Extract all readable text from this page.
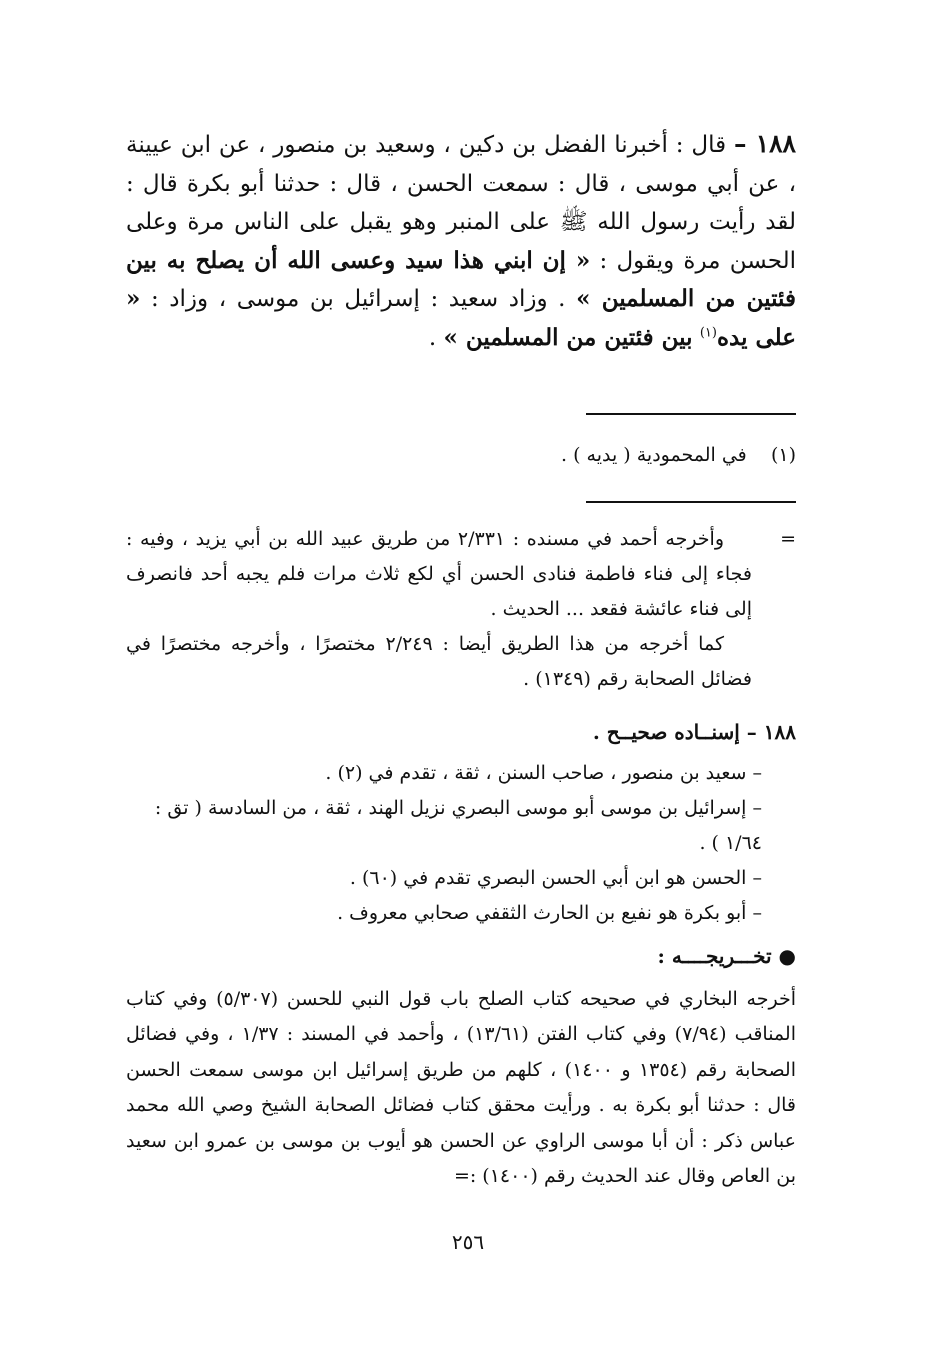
١٨٨ – قال : أخبرنا الفضل بن دكين ، وسعيد بن منصور ، عن ابن عيينة ، عن أبي موسى ، قال : سمعت الحسن ، قال : حدثنا أبو بكرة قال : لقد رأيت رسول الله ﷺ على المنبر وهو يقبل على الناس مرة وعلى الحسن مرة ويقول : « إن ابني هذا سيد وعسى الله أن يصلح به بين فئتين من المسلمين » . وزاد سعيد : إسرائيل بن موسى ، وزاد : « على يده$^{(١)}$ بين فئتين من المسلمين » .
(١)    في المحمودية ( يديه ) .
=

وأخرجه أحمد في مسنده : ٢/٣٣١ من طريق عبيد الله بن أبي يزيد ، وفيه : فجاء إلى فناء فاطمة فنادى الحسن أي لكع ثلاث مرات فلم يجبه أحد فانصرف إلى فناء عائشة فقعد ... الحديث .

كما أخرجه من هذا الطريق أيضا : ٢/٢٤٩ مختصرًا ، وأخرجه مختصرًا في فضائل الصحابة رقم (١٣٤٩) .

١٨٨ – إسنــاده صحيــح .
– سعيد بن منصور ، صاحب السنن ، ثقة ، تقدم في (٢) .
– إسرائيل بن موسى أبو موسى البصري نزيل الهند ، ثقة ، من السادسة ( تق : ١/٦٤ ) .
– الحسن هو ابن أبي الحسن البصري تقدم في (٦٠) .
– أبو بكرة هو نفيع بن الحارث الثقفي صحابي معروف .
● تخـــريجــــه :
أخرجه البخاري في صحيحه كتاب الصلح باب قول النبي للحسن (٥/٣٠٧) وفي كتاب المناقب (٧/٩٤) وفي كتاب الفتن (١٣/٦١) ، وأحمد في المسند : ١/٣٧ ، وفي فضائل الصحابة رقم (١٣٥٤ و ١٤٠٠) ، كلهم من طريق إسرائيل ابن موسى سمعت الحسن قال : حدثنا أبو بكرة به . ورأيت محقق كتاب فضائل الصحابة الشيخ وصي الله محمد عباس ذكر : أن أبا موسى الراوي عن الحسن هو أيوب بن موسى بن عمرو ابن سعيد بن العاص وقال عند الحديث رقم (١٤٠٠) :=
٢٥٦
